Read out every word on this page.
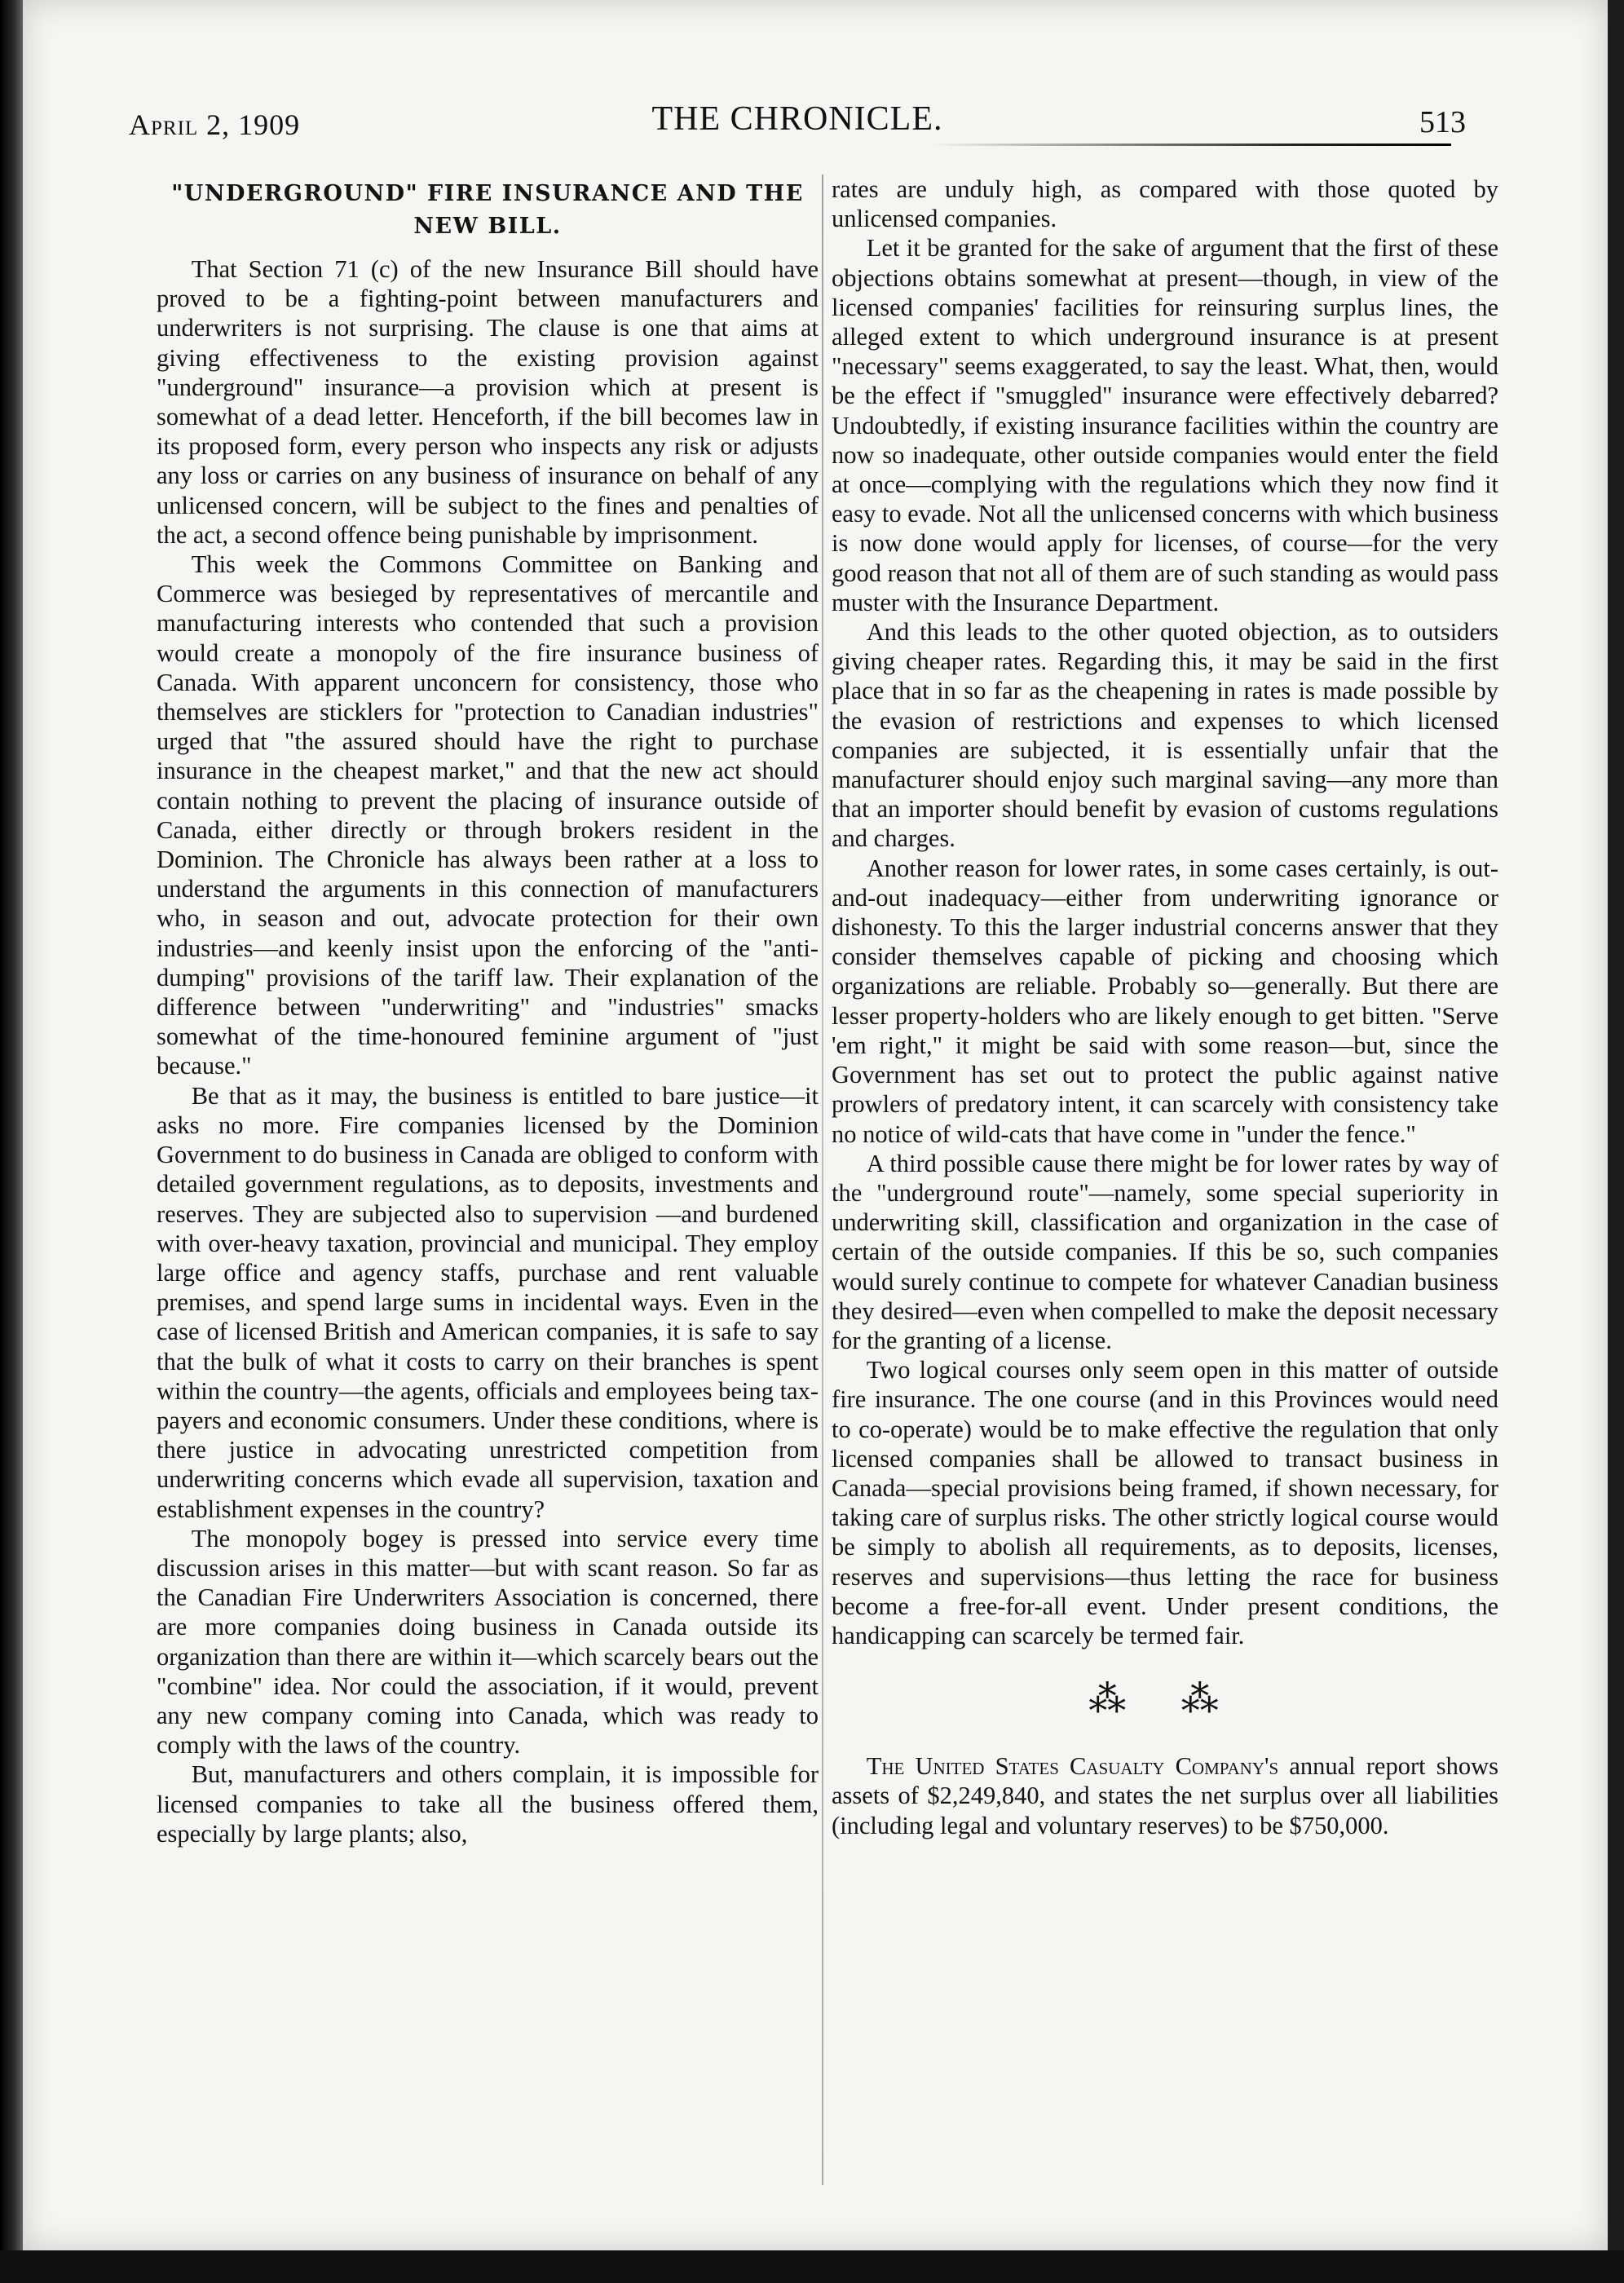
April 2, 1909	THE CHRONICLE.	513
"UNDERGROUND" FIRE INSURANCE AND THE NEW BILL.

That Section 71 (c) of the new Insurance Bill should have proved to be a fighting-point between manufacturers and underwriters is not surprising. The clause is one that aims at giving effectiveness to the existing provision against "underground" insurance—a provision which at present is somewhat of a dead letter. Henceforth, if the bill becomes law in its proposed form, every person who inspects any risk or adjusts any loss or carries on any business of insurance on behalf of any unlicensed concern, will be subject to the fines and penalties of the act, a second offence being punishable by imprisonment.

This week the Commons Committee on Banking and Commerce was besieged by representatives of mercantile and manufacturing interests who contended that such a provision would create a monopoly of the fire insurance business of Canada. With apparent unconcern for consistency, those who themselves are sticklers for "protection to Canadian industries" urged that "the assured should have the right to purchase insurance in the cheapest market," and that the new act should contain nothing to prevent the placing of insurance outside of Canada, either directly or through brokers resident in the Dominion. The Chronicle has always been rather at a loss to understand the arguments in this connection of manufacturers who, in season and out, advocate protection for their own industries—and keenly insist upon the enforcing of the "anti-dumping" provisions of the tariff law. Their explanation of the difference between "underwriting" and "industries" smacks somewhat of the time-honoured feminine argument of "just because."

Be that as it may, the business is entitled to bare justice—it asks no more. Fire companies licensed by the Dominion Government to do business in Canada are obliged to conform with detailed government regulations, as to deposits, investments and reserves. They are subjected also to supervision —and burdened with over-heavy taxation, provincial and municipal. They employ large office and agency staffs, purchase and rent valuable premises, and spend large sums in incidental ways. Even in the case of licensed British and American companies, it is safe to say that the bulk of what it costs to carry on their branches is spent within the country—the agents, officials and employees being tax-payers and economic consumers. Under these conditions, where is there justice in advocating unrestricted competition from underwriting concerns which evade all supervision, taxation and establishment expenses in the country?

The monopoly bogey is pressed into service every time discussion arises in this matter—but with scant reason. So far as the Canadian Fire Underwriters Association is concerned, there are more companies doing business in Canada outside its organization than there are within it—which scarcely bears out the "combine" idea. Nor could the association, if it would, prevent any new company coming into Canada, which was ready to comply with the laws of the country.

But, manufacturers and others complain, it is impossible for licensed companies to take all the business offered them, especially by large plants; also,

rates are unduly high, as compared with those quoted by unlicensed companies.

Let it be granted for the sake of argument that the first of these objections obtains somewhat at present—though, in view of the licensed companies' facilities for reinsuring surplus lines, the alleged extent to which underground insurance is at present "necessary" seems exaggerated, to say the least. What, then, would be the effect if "smuggled" insurance were effectively debarred? Undoubtedly, if existing insurance facilities within the country are now so inadequate, other outside companies would enter the field at once—complying with the regulations which they now find it easy to evade. Not all the unlicensed concerns with which business is now done would apply for licenses, of course—for the very good reason that not all of them are of such standing as would pass muster with the Insurance Department.

And this leads to the other quoted objection, as to outsiders giving cheaper rates. Regarding this, it may be said in the first place that in so far as the cheapening in rates is made possible by the evasion of restrictions and expenses to which licensed companies are subjected, it is essentially unfair that the manufacturer should enjoy such marginal saving—any more than that an importer should benefit by evasion of customs regulations and charges.

Another reason for lower rates, in some cases certainly, is out-and-out inadequacy—either from underwriting ignorance or dishonesty. To this the larger industrial concerns answer that they consider themselves capable of picking and choosing which organizations are reliable. Probably so—generally. But there are lesser property-holders who are likely enough to get bitten. "Serve 'em right," it might be said with some reason—but, since the Government has set out to protect the public against native prowlers of predatory intent, it can scarcely with consistency take no notice of wild-cats that have come in "under the fence."

A third possible cause there might be for lower rates by way of the "underground route"—namely, some special superiority in underwriting skill, classification and organization in the case of certain of the outside companies. If this be so, such companies would surely continue to compete for whatever Canadian business they desired—even when compelled to make the deposit necessary for the granting of a license.

Two logical courses only seem open in this matter of outside fire insurance. The one course (and in this Provinces would need to co-operate) would be to make effective the regulation that only licensed companies shall be allowed to transact business in Canada—special provisions being framed, if shown necessary, for taking care of surplus risks. The other strictly logical course would be simply to abolish all requirements, as to deposits, licenses, reserves and supervisions—thus letting the race for business become a free-for-all event. Under present conditions, the handicapping can scarcely be termed fair.

⁂ ⁂

The United States Casualty Company's annual report shows assets of $2,249,840, and states the net surplus over all liabilities (including legal and voluntary reserves) to be $750,000.
